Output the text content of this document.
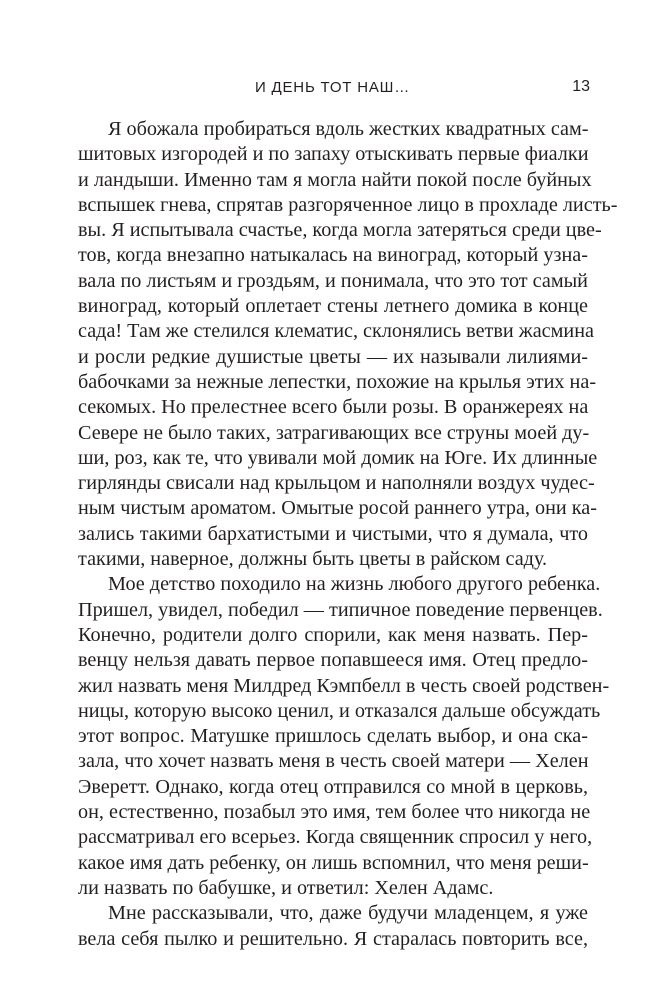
И ДЕНЬ ТОТ НАШ…	13
Я обожала пробираться вдоль жестких квадратных сам-
шитовых изгородей и по запаху отыскивать первые фиалки
и ландыши. Именно там я могла найти покой после буйных
вспышек гнева, спрятав разгоряченное лицо в прохладе листь-
вы. Я испытывала счастье, когда могла затеряться среди цве-
тов, когда внезапно натыкалась на виноград, который узна-
вала по листьям и гроздьям, и понимала, что это тот самый
виноград, который оплетает стены летнего домика в конце
сада! Там же стелился клематис, склонялись ветви жасмина
и росли редкие душистые цветы — их называли лилиями-
бабочками за нежные лепестки, похожие на крылья этих на-
секомых. Но прелестнее всего были розы. В оранжереях на
Севере не было таких, затрагивающих все струны моей ду-
ши, роз, как те, что увивали мой домик на Юге. Их длинные
гирлянды свисали над крыльцом и наполняли воздух чудес-
ным чистым ароматом. Омытые росой раннего утра, они ка-
зались такими бархатистыми и чистыми, что я думала, что
такими, наверное, должны быть цветы в райском саду.
Мое детство походило на жизнь любого другого ребенка.
Пришел, увидел, победил — типичное поведение первенцев.
Конечно, родители долго спорили, как меня назвать. Пер-
венцу нельзя давать первое попавшееся имя. Отец предло-
жил назвать меня Милдред Кэмпбелл в честь своей родствен-
ницы, которую высоко ценил, и отказался дальше обсуждать
этот вопрос. Матушке пришлось сделать выбор, и она ска-
зала, что хочет назвать меня в честь своей матери — Хелен
Эверетт. Однако, когда отец отправился со мной в церковь,
он, естественно, позабыл это имя, тем более что никогда не
рассматривал его всерьез. Когда священник спросил у него,
какое имя дать ребенку, он лишь вспомнил, что меня реши-
ли назвать по бабушке, и ответил: Хелен Адамс.
Мне рассказывали, что, даже будучи младенцем, я уже
вела себя пылко и решительно. Я старалась повторить все,
